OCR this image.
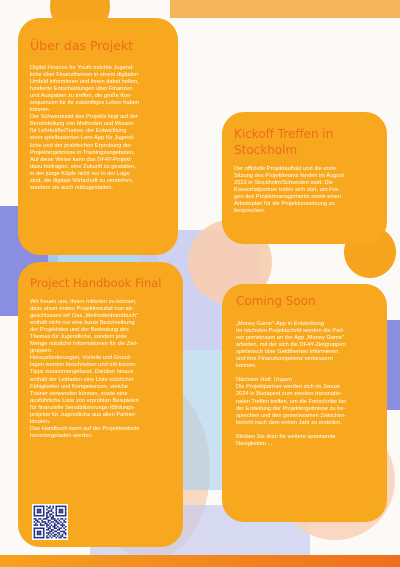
Über das Projekt
Digital Finance for Youth möchte Jugend-
liche über Finanzthemen in einem digitalen
Umfeld informieren und ihnen dabei helfen,
fundierte Entscheidungen über Finanzen
und Ausgaben zu treffen, die große Kon-
sequenzen für ihr zukünftiges Leben haben
können.
Der Schwerpunkt des Projekts liegt auf der
Bereitstellung von Methoden und Wissen
für Lehrkräfte/Trainer, der Entwicklung
einer spielbasierten Lern-App für Jugend-
liche und der praktischen Erprobung der
Projektergebnisse in Trainingsangeboten.
Auf diese Weise kann das DF4Y-Projekt
dazu beitragen, eine Zukunft zu gestalten,
in der junge Köpfe nicht nur in der Lage
sind, die digitale Wirtschaft zu verstehen,
sondern sie auch mitzugestalten.
Kickoff Treffen in
Stockholm
Der offizielle Projektauftakt und die erste
Sitzung des Projektteams fanden im August
2023 in Stockholm/Schweden statt. Die
Konsortialpartner trafen sich dort, um Fra-
gen des Projektmanagements sowie einen
Arbeitsplan für die Projektumsetzung zu
besprechen.
Project Handbook Final
Wir freuen uns, Ihnen mitteilen zu können,
dass unser erstes Projektresultat nun ab-
geschlossen ist! Das „Methodenhandbuch"
enthält nicht nur eine kurze Beschreibung
der Projektidee und der Bedeutung des
Themas für Jugendliche, sondern jede
Menge nützliche Informationen für die Ziel-
gruppen.
Herausforderungen, Vorteile und Grund-
lagen werden beschrieben und mit kurzen
Tipps zusammengefasst. Darüber hinaus
enthält der Leitfaden eine Liste nützlicher
Fähigkeiten und Kompetenzen, welche
Trainer verwenden können, sowie eine
ausführliche Liste von erprobten Beispielen
für finanzielle Sensibilisierungs-/Bildungs-
projekte für Jugendliche aus allen Partner-
ländern.
Das Handbuch kann auf der Projektwebsite
heruntergeladen werden.
Coming Soon
„Money Game"-App in Entwicklung
Im nächsten Projektschritt werden die Part-
ner gemeinsam an der App „Money Game"
arbeiten, mit der sich die DF4Y-Zielgruppen
spielerisch über Geldthemen informieren
und ihre Finanzkompetenz verbessern
können.

Nächster Halt: Ungarn
Die Projektpartner werden sich im Januar
2024 in Budapest zum zweiten transnatio-
nalen Treffen treffen, um die Fortschritte bei
der Erstellung der Projektergebnisse zu be-
sprechen und den gemeinsamen Zwischen-
bericht nach dem ersten Jahr zu erstellen.

Bleiben Sie dran für weitere spannende
Neuigkeiten ...
